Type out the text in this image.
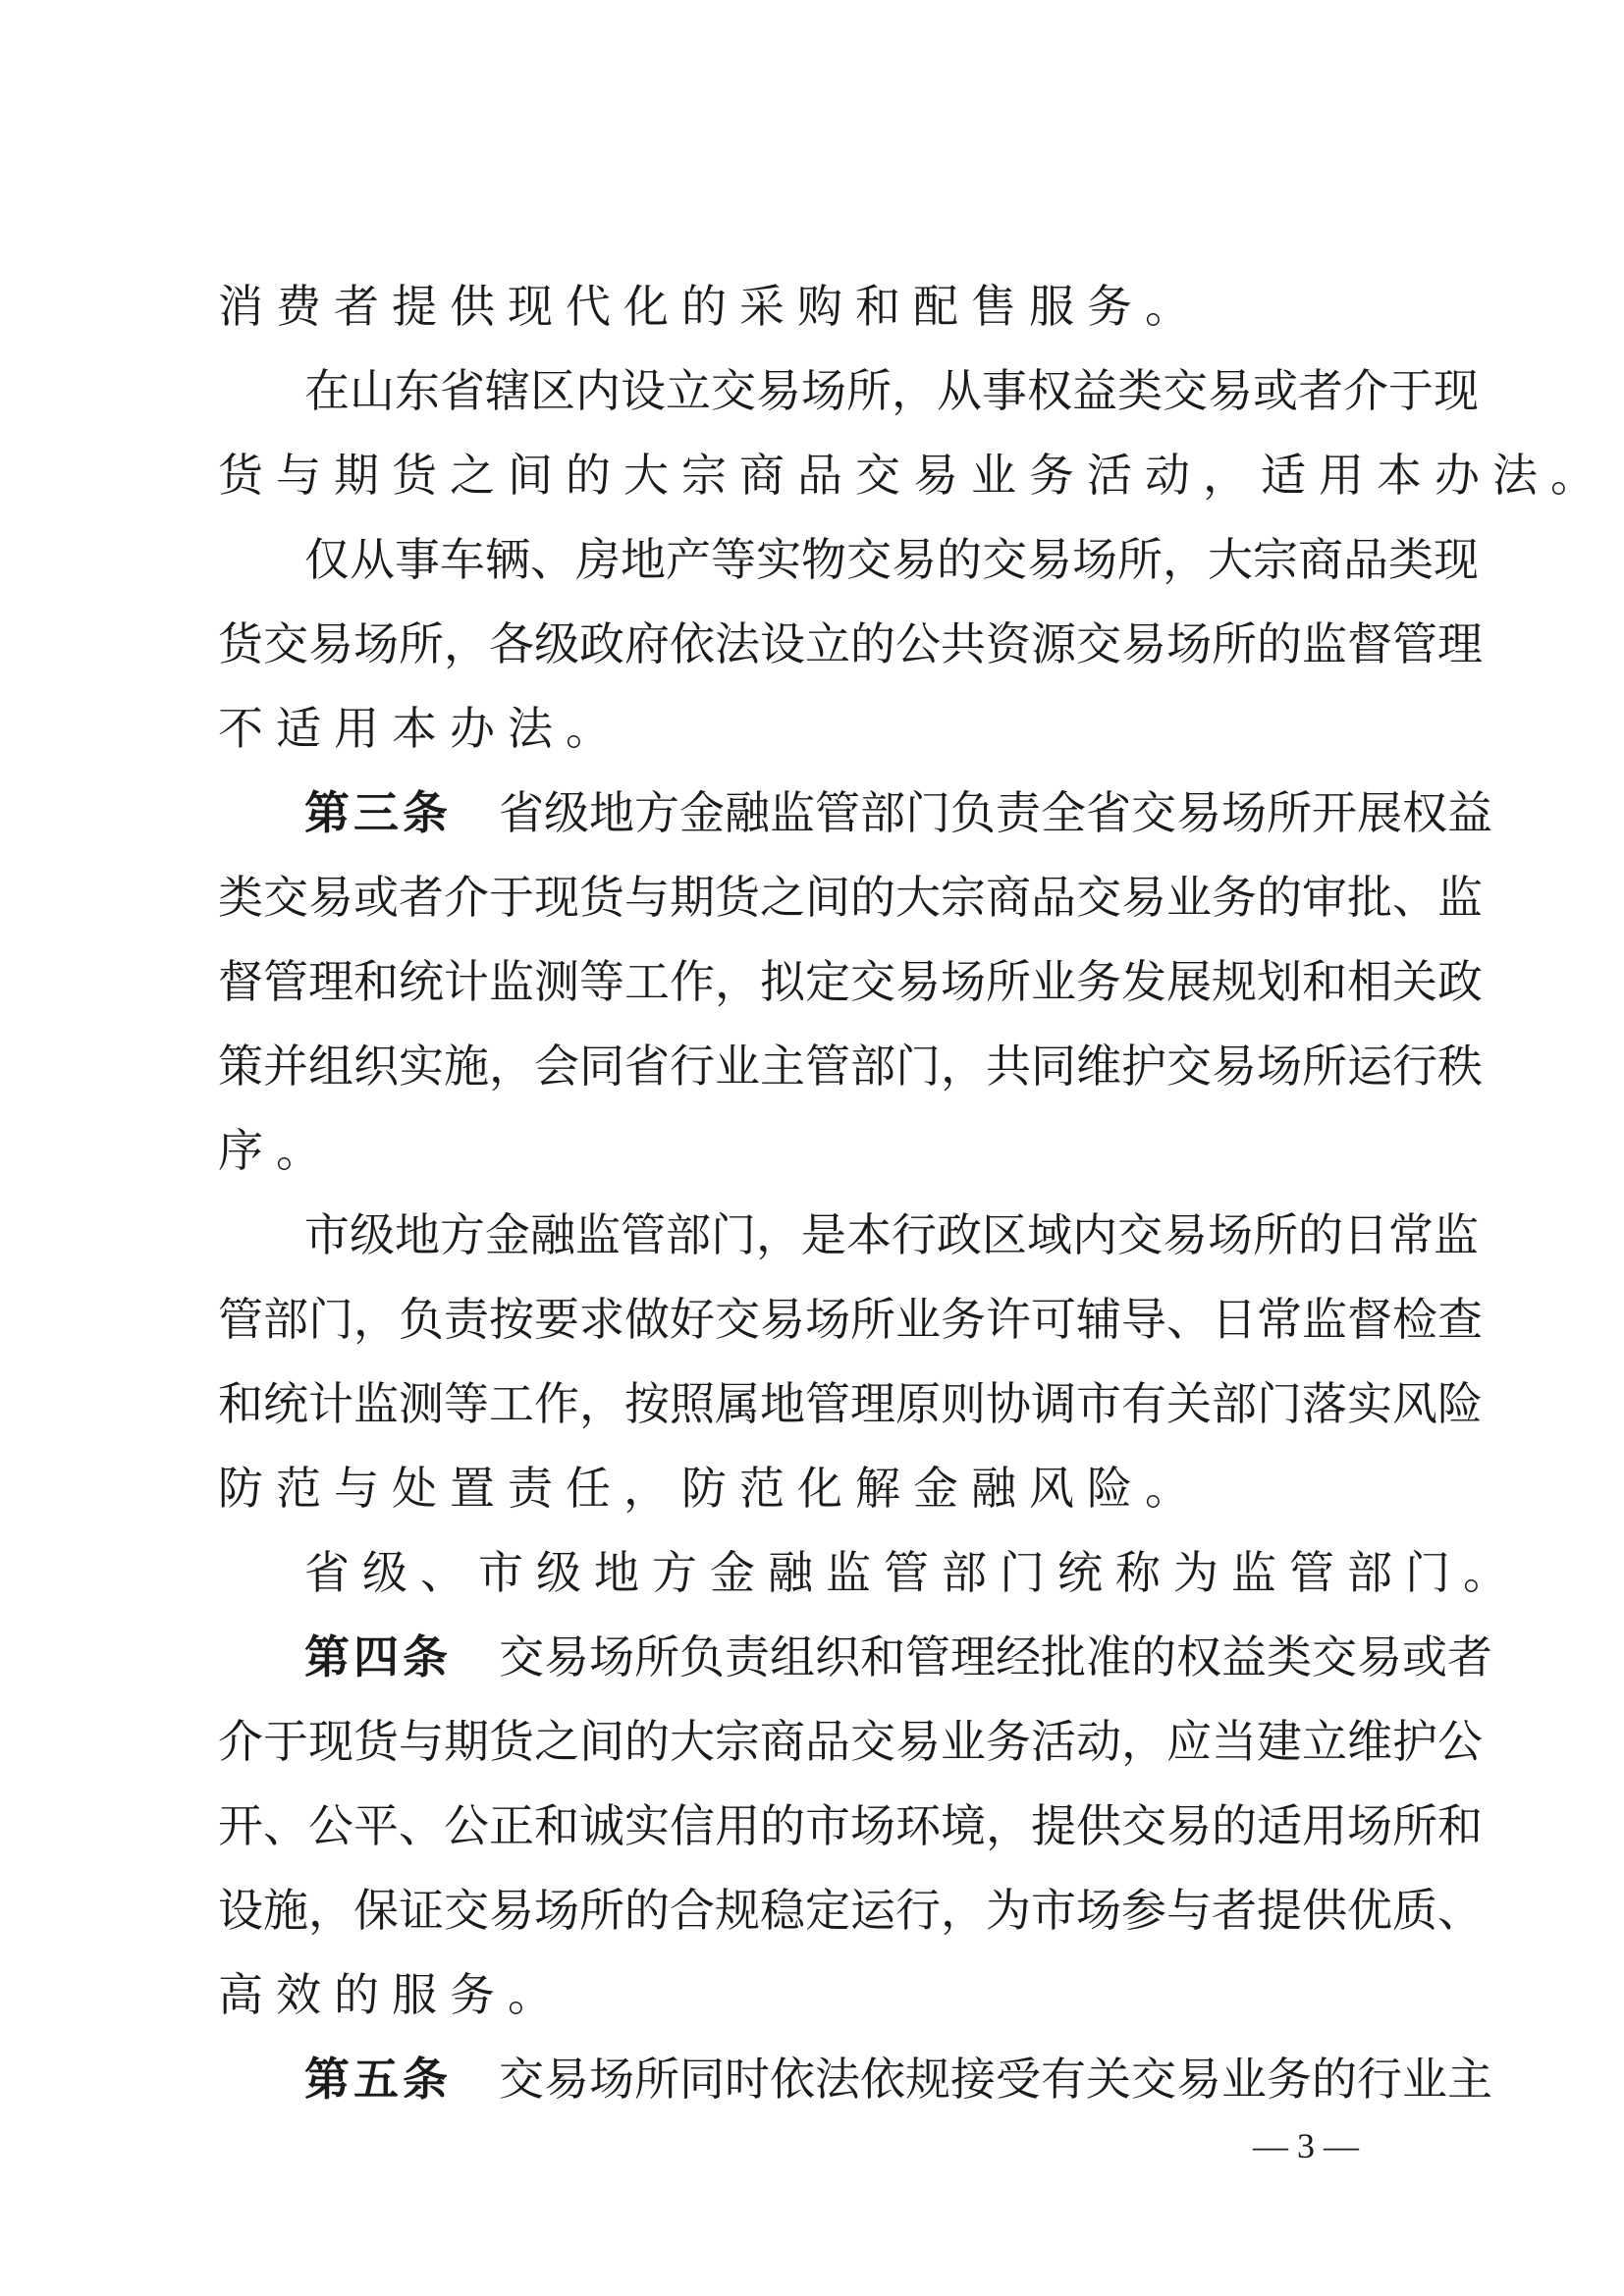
消费者提供现代化的采购和配售服务。
在山东省辖区内设立交易场所，从事权益类交易或者介于现
货与期货之间的大宗商品交易业务活动，适用本办法。
仅从事车辆、房地产等实物交易的交易场所，大宗商品类现
货交易场所，各级政府依法设立的公共资源交易场所的监督管理
不适用本办法。
第三条 省级地方金融监管部门负责全省交易场所开展权益
类交易或者介于现货与期货之间的大宗商品交易业务的审批、监
督管理和统计监测等工作，拟定交易场所业务发展规划和相关政
策并组织实施，会同省行业主管部门，共同维护交易场所运行秩
序。
市级地方金融监管部门，是本行政区域内交易场所的日常监
管部门，负责按要求做好交易场所业务许可辅导、日常监督检查
和统计监测等工作，按照属地管理原则协调市有关部门落实风险
防范与处置责任，防范化解金融风险。
省级、市级地方金融监管部门统称为监管部门。
第四条 交易场所负责组织和管理经批准的权益类交易或者
介于现货与期货之间的大宗商品交易业务活动，应当建立维护公
开、公平、公正和诚实信用的市场环境，提供交易的适用场所和
设施，保证交易场所的合规稳定运行，为市场参与者提供优质、
高效的服务。
第五条 交易场所同时依法依规接受有关交易业务的行业主
— 3 —
